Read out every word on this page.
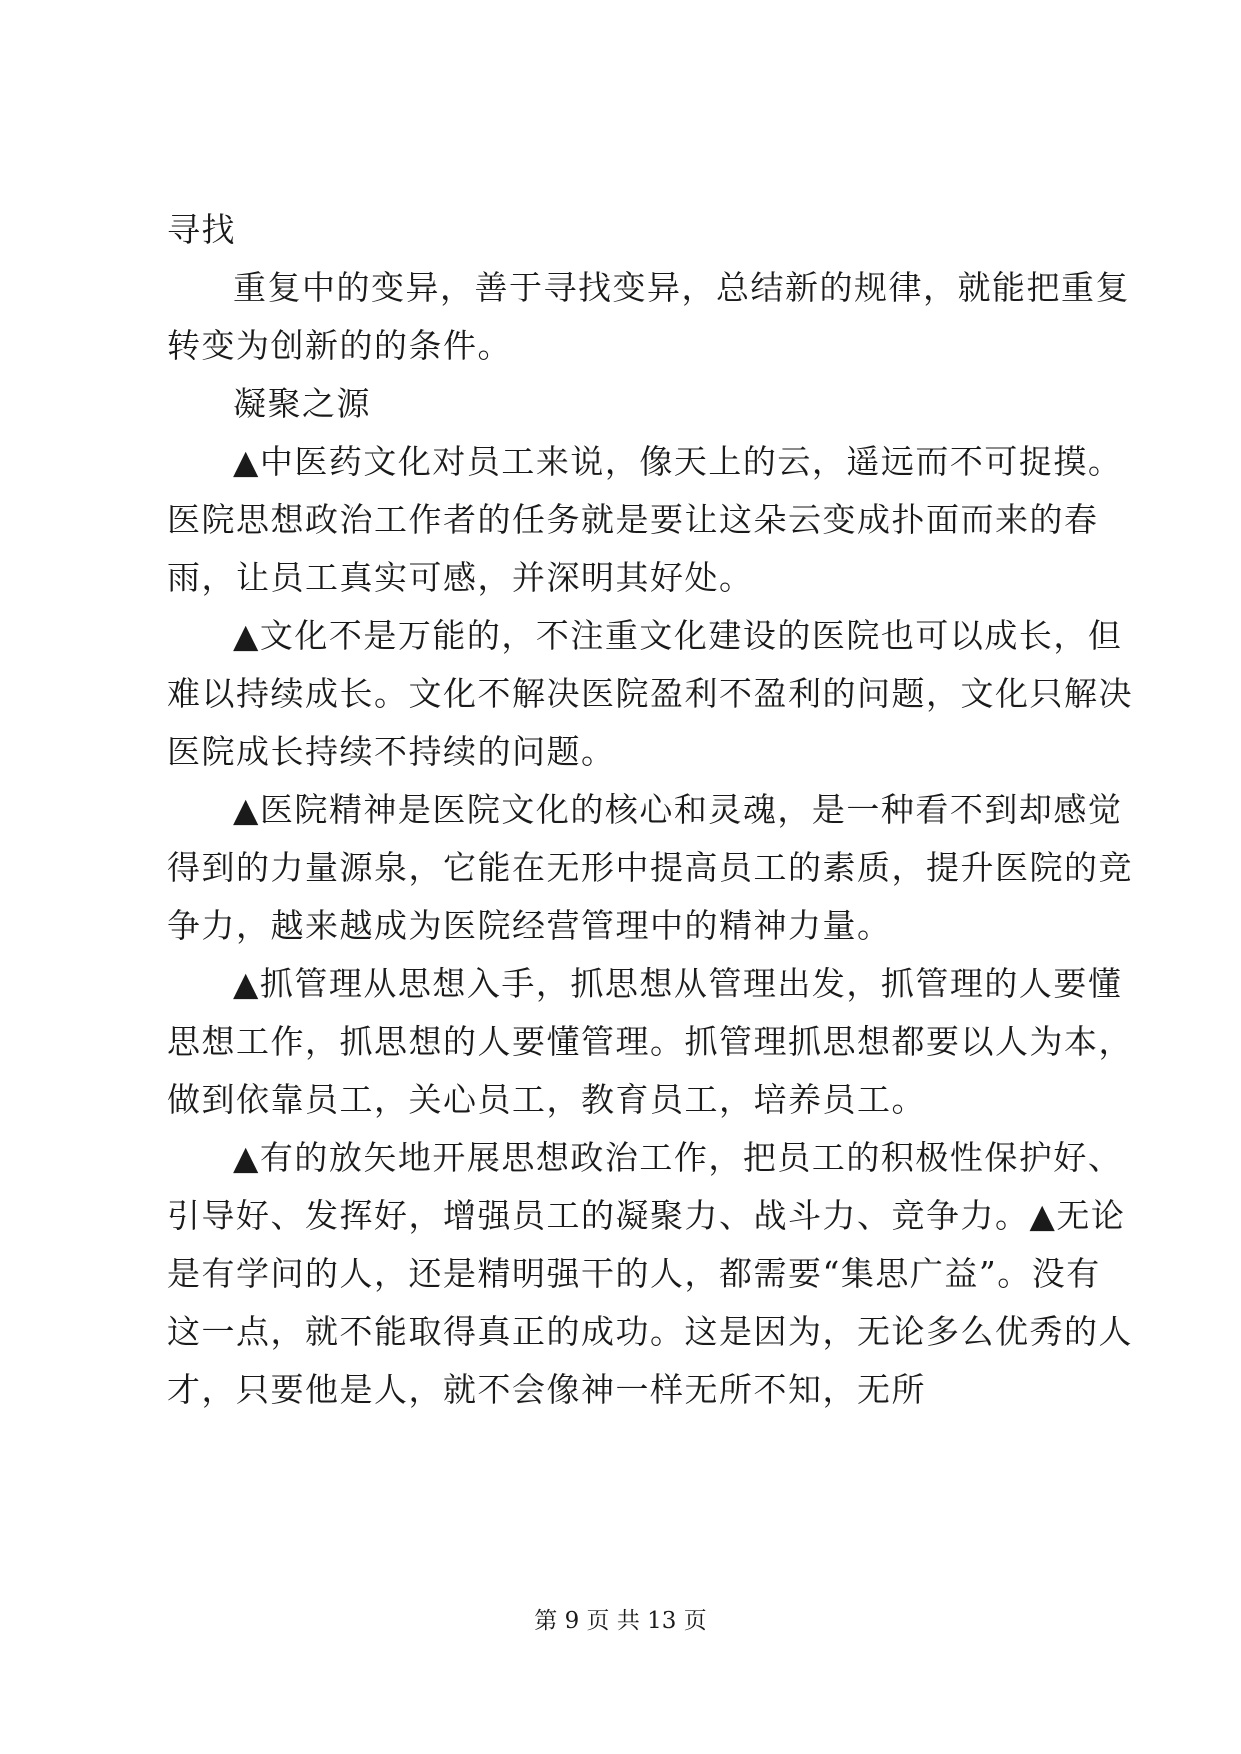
寻找
重复中的变异，善于寻找变异，总结新的规律，就能把重复
转变为创新的的条件。
凝聚之源
▲中医药文化对员工来说，像天上的云，遥远而不可捉摸。
医院思想政治工作者的任务就是要让这朵云变成扑面而来的春
雨，让员工真实可感，并深明其好处。
▲文化不是万能的，不注重文化建设的医院也可以成长，但
难以持续成长。文化不解决医院盈利不盈利的问题，文化只解决
医院成长持续不持续的问题。
▲医院精神是医院文化的核心和灵魂，是一种看不到却感觉
得到的力量源泉，它能在无形中提高员工的素质，提升医院的竞
争力，越来越成为医院经营管理中的精神力量。
▲抓管理从思想入手，抓思想从管理出发，抓管理的人要懂
思想工作，抓思想的人要懂管理。抓管理抓思想都要以人为本，
做到依靠员工，关心员工，教育员工，培养员工。
▲有的放矢地开展思想政治工作，把员工的积极性保护好、
引导好、发挥好，增强员工的凝聚力、战斗力、竞争力。▲无论
是有学问的人，还是精明强干的人，都需要“集思广益”。没有
这一点，就不能取得真正的成功。这是因为，无论多么优秀的人
才，只要他是人，就不会像神一样无所不知，无所
第 9 页 共 13 页
